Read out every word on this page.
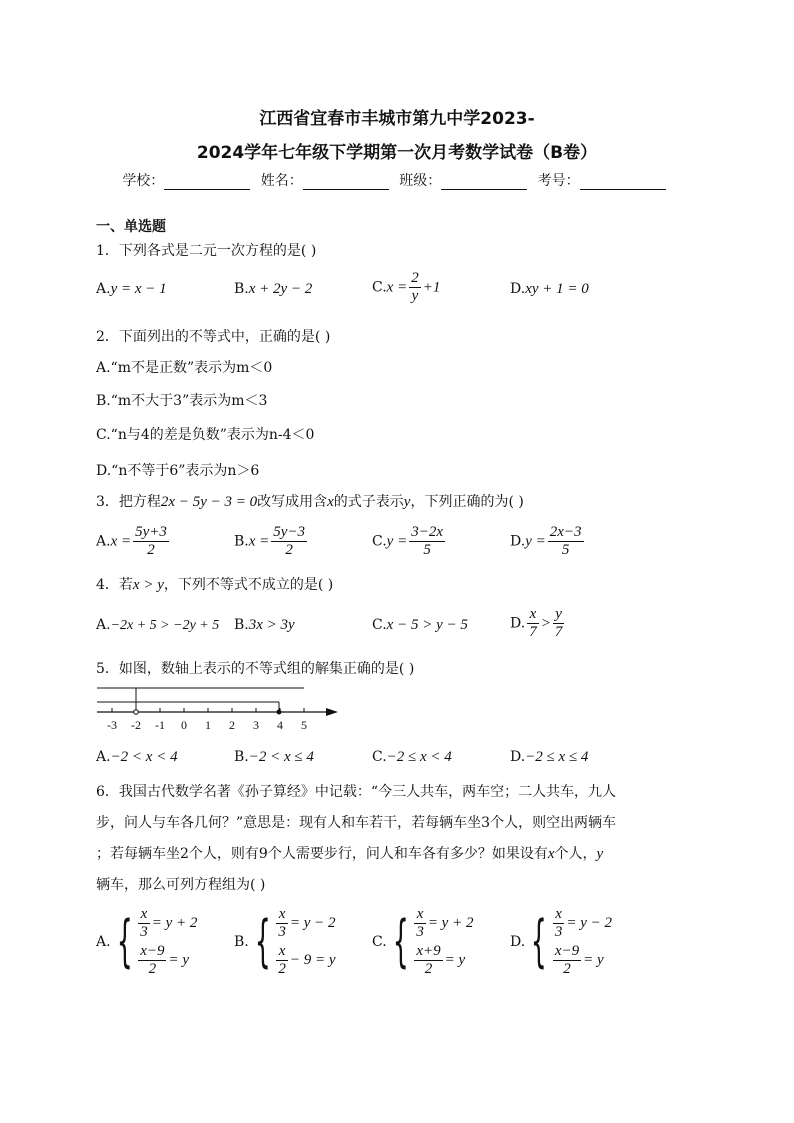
江西省宜春市丰城市第九中学2023-
2024学年七年级下学期第一次月考数学试卷（B卷）
学校：	姓名：	班级：	考号：
一、单选题
1．下列各式是二元一次方程的是( )
A.y = x − 1	B.x + 2y − 2	$C.x = \frac{2}{y} +1$	D.xy + 1 = 0
2．下面列出的不等式中，正确的是( )
A.“m不是正数”表示为m＜0
B.“m不大于3”表示为m＜3
C.“n与4的差是负数”表示为n-4＜0
D.“n不等于6”表示为n＞6
3．把方程2x − 5y − 3 = 0改写成用含x的式子表示y，下列正确的为( )
$A.x = \frac{5y+3}{2}$	$B.x = \frac{5y-3}{2}$	$C.y = \frac{3-2x}{5}$	$D.y = \frac{2x-3}{5}$
4．若x > y，下列不等式不成立的是( )
A.−2x + 5 > −2y + 5 B.3x > 3y	C.x − 5 > y − 5	D. $\frac{x}{7} > \frac{y}{7}$
5．如图，数轴上表示的不等式组的解集正确的是( )
-3 -2 -1 0 1 2 3 4 5
A.−2 < x < 4	B.−2 < x ≤ 4	C.−2 ≤ x < 4	D.−2 ≤ x ≤ 4
6．我国古代数学名著《孙子算经》中记载：“今三人共车，两车空；二人共车，九人
步，问人与车各几何？”意思是：现有人和车若干，若每辆车坐3个人，则空出两辆车
；若每辆车坐2个人，则有9个人需要步行，问人和车各有多少？如果设有x个人，y
辆车，那么可列方程组为( )
A. { $\frac{x}{3} = y + 2$
$\frac{x-9}{2} = y$
B. { $\frac{x}{3} = y - 2$
$\frac{x}{2} - 9 = y$
C. { $\frac{x}{3} = y + 2$
$\frac{x+9}{2} = y$
D. { $\frac{x}{3} = y - 2$
$\frac{x-9}{2} = y$
